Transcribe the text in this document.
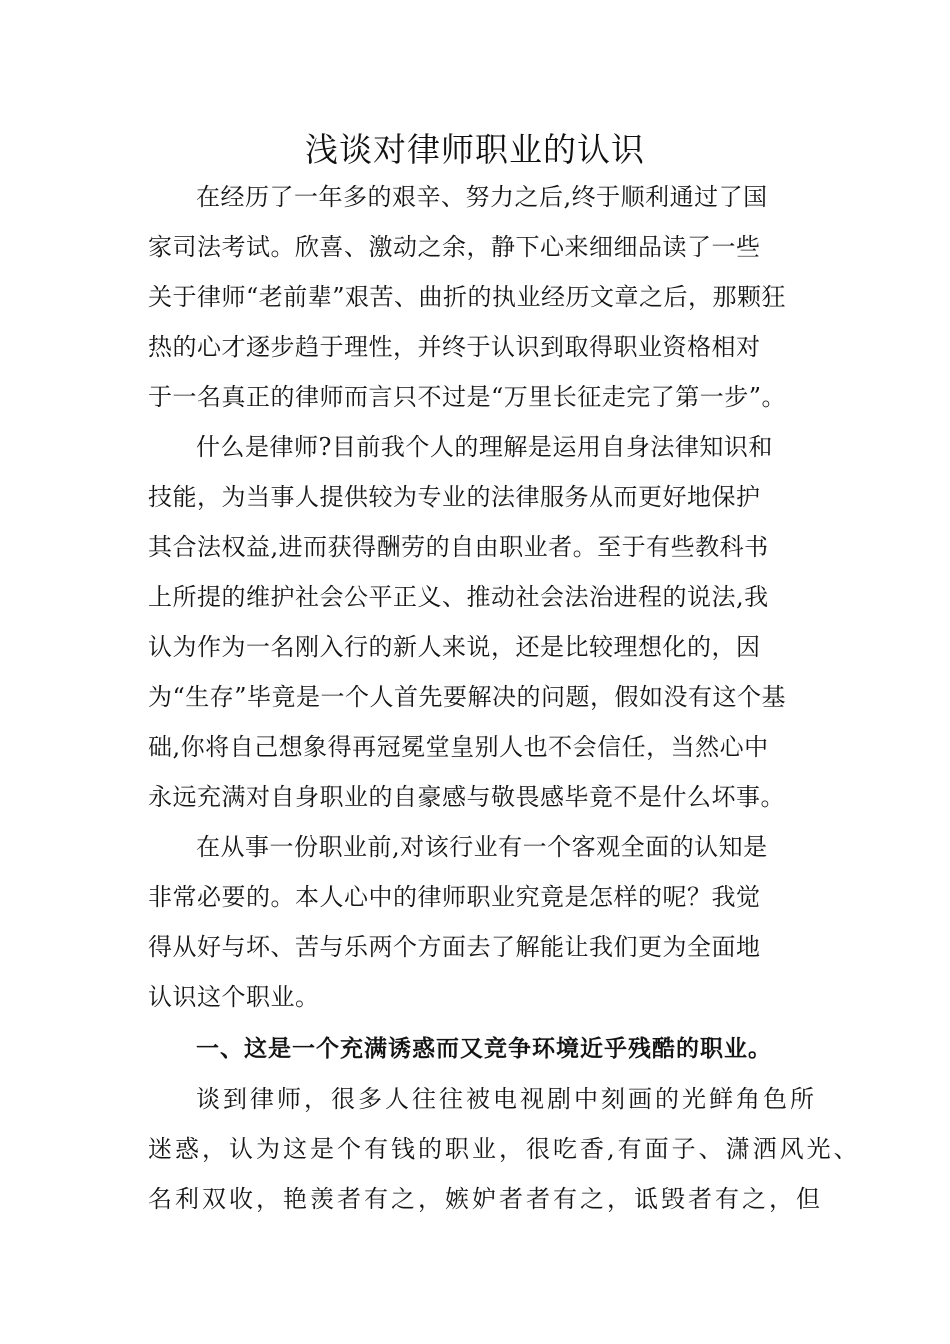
浅谈对律师职业的认识
在经历了一年多的艰辛、努力之后,终于顺利通过了国
家司法考试。欣喜、激动之余，静下心来细细品读了一些
关于律师“老前辈”艰苦、曲折的执业经历文章之后，那颗狂
热的心才逐步趋于理性，并终于认识到取得职业资格相对
于一名真正的律师而言只不过是“万里长征走完了第一步”。
什么是律师?目前我个人的理解是运用自身法律知识和
技能，为当事人提供较为专业的法律服务从而更好地保护
其合法权益,进而获得酬劳的自由职业者。至于有些教科书
上所提的维护社会公平正义、推动社会法治进程的说法,我
认为作为一名刚入行的新人来说，还是比较理想化的，因
为“生存”毕竟是一个人首先要解决的问题，假如没有这个基
础,你将自己想象得再冠冕堂皇别人也不会信任，当然心中
永远充满对自身职业的自豪感与敬畏感毕竟不是什么坏事。
在从事一份职业前,对该行业有一个客观全面的认知是
非常必要的。本人心中的律师职业究竟是怎样的呢？我觉
得从好与坏、苦与乐两个方面去了解能让我们更为全面地
认识这个职业。
一、这是一个充满诱惑而又竞争环境近乎残酷的职业。
谈到律师，很多人往往被电视剧中刻画的光鲜角色所
迷惑，认为这是个有钱的职业，很吃香,有面子、潇洒风光、
名利双收，艳羡者有之，嫉妒者者有之，诋毁者有之，但
